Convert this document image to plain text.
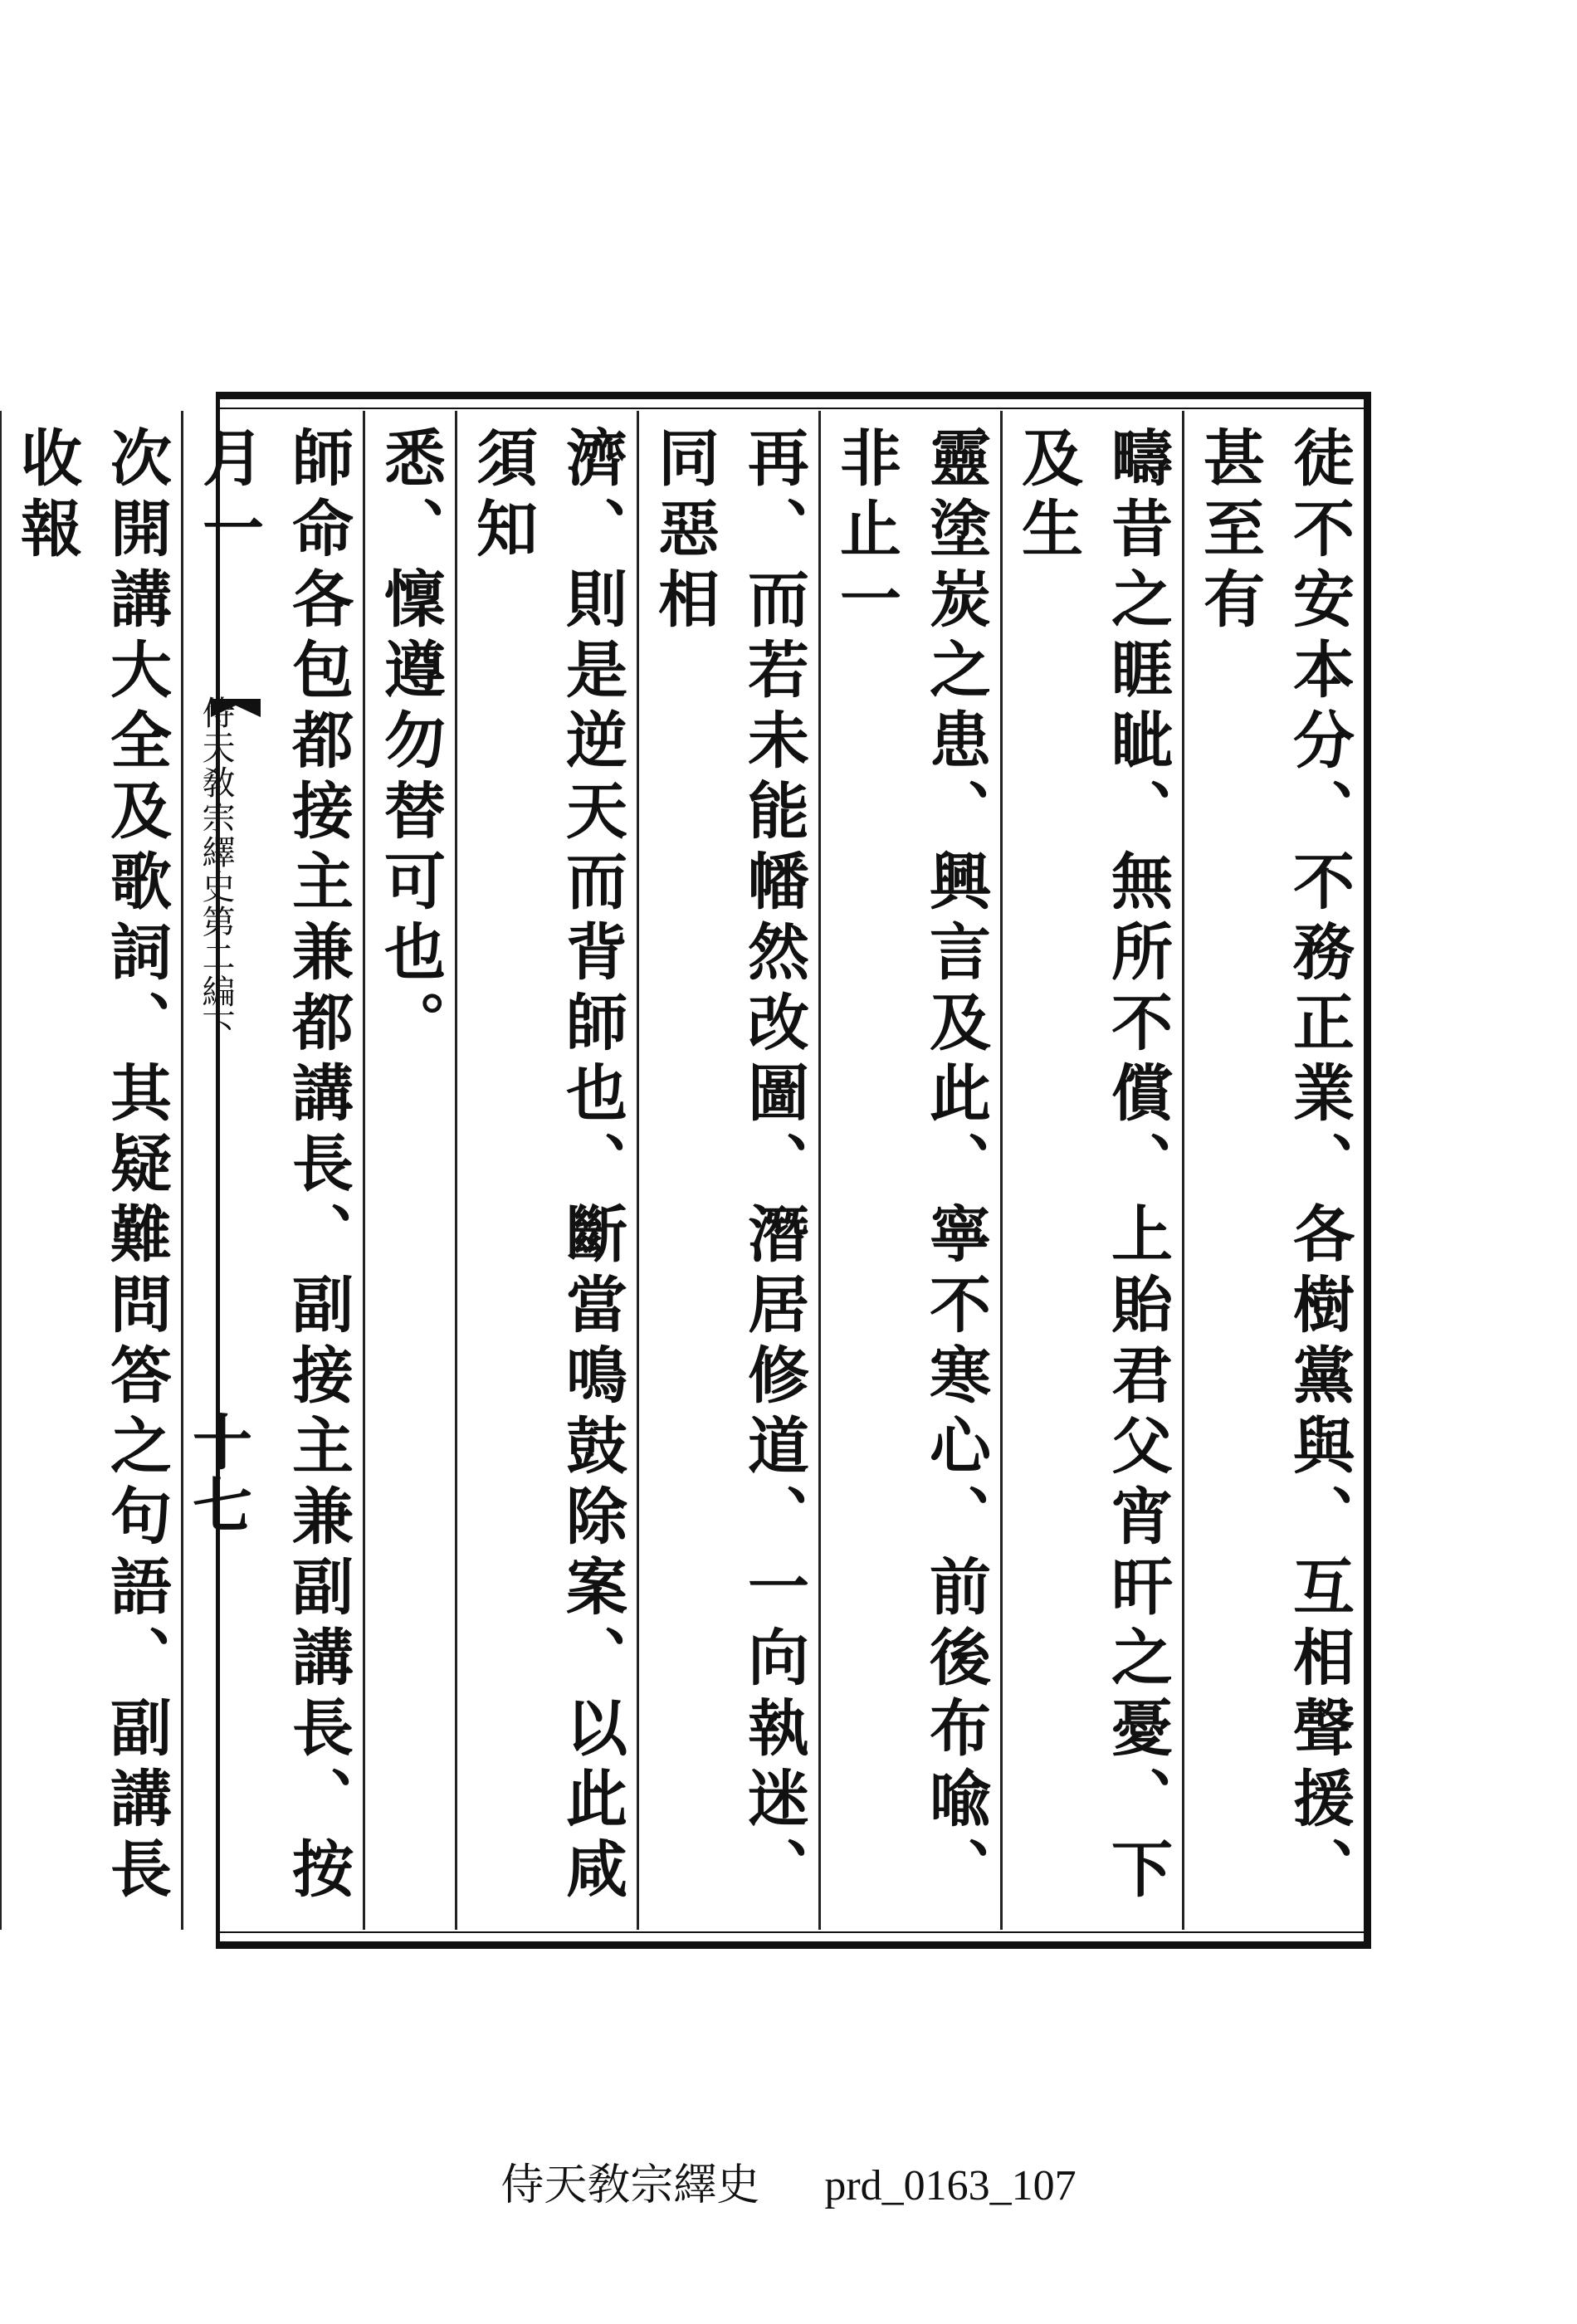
徒不安本分、不務正業、各樹黨與、互相聲援、甚至有
疇昔之睚眦、無所不償、上貽君父宵旰之憂、下及生
靈塗炭之患、興言及此、寧不寒心、前後布喩、非止一
再、而若未能幡然改圖、潛居修道、一向執迷、同惡相
濟、則是逆天而背師也、斷當鳴鼓除案、以此咸須知
悉、懍遵勿替可也。
師命各包都接主兼都講長、副接主兼副講長、按月一
次開講大全及歌詞、其疑難問答之句語、副講長收報
侍天敎宗繹史第二編下
十七
侍天敎宗繹史 prd_0163_107
